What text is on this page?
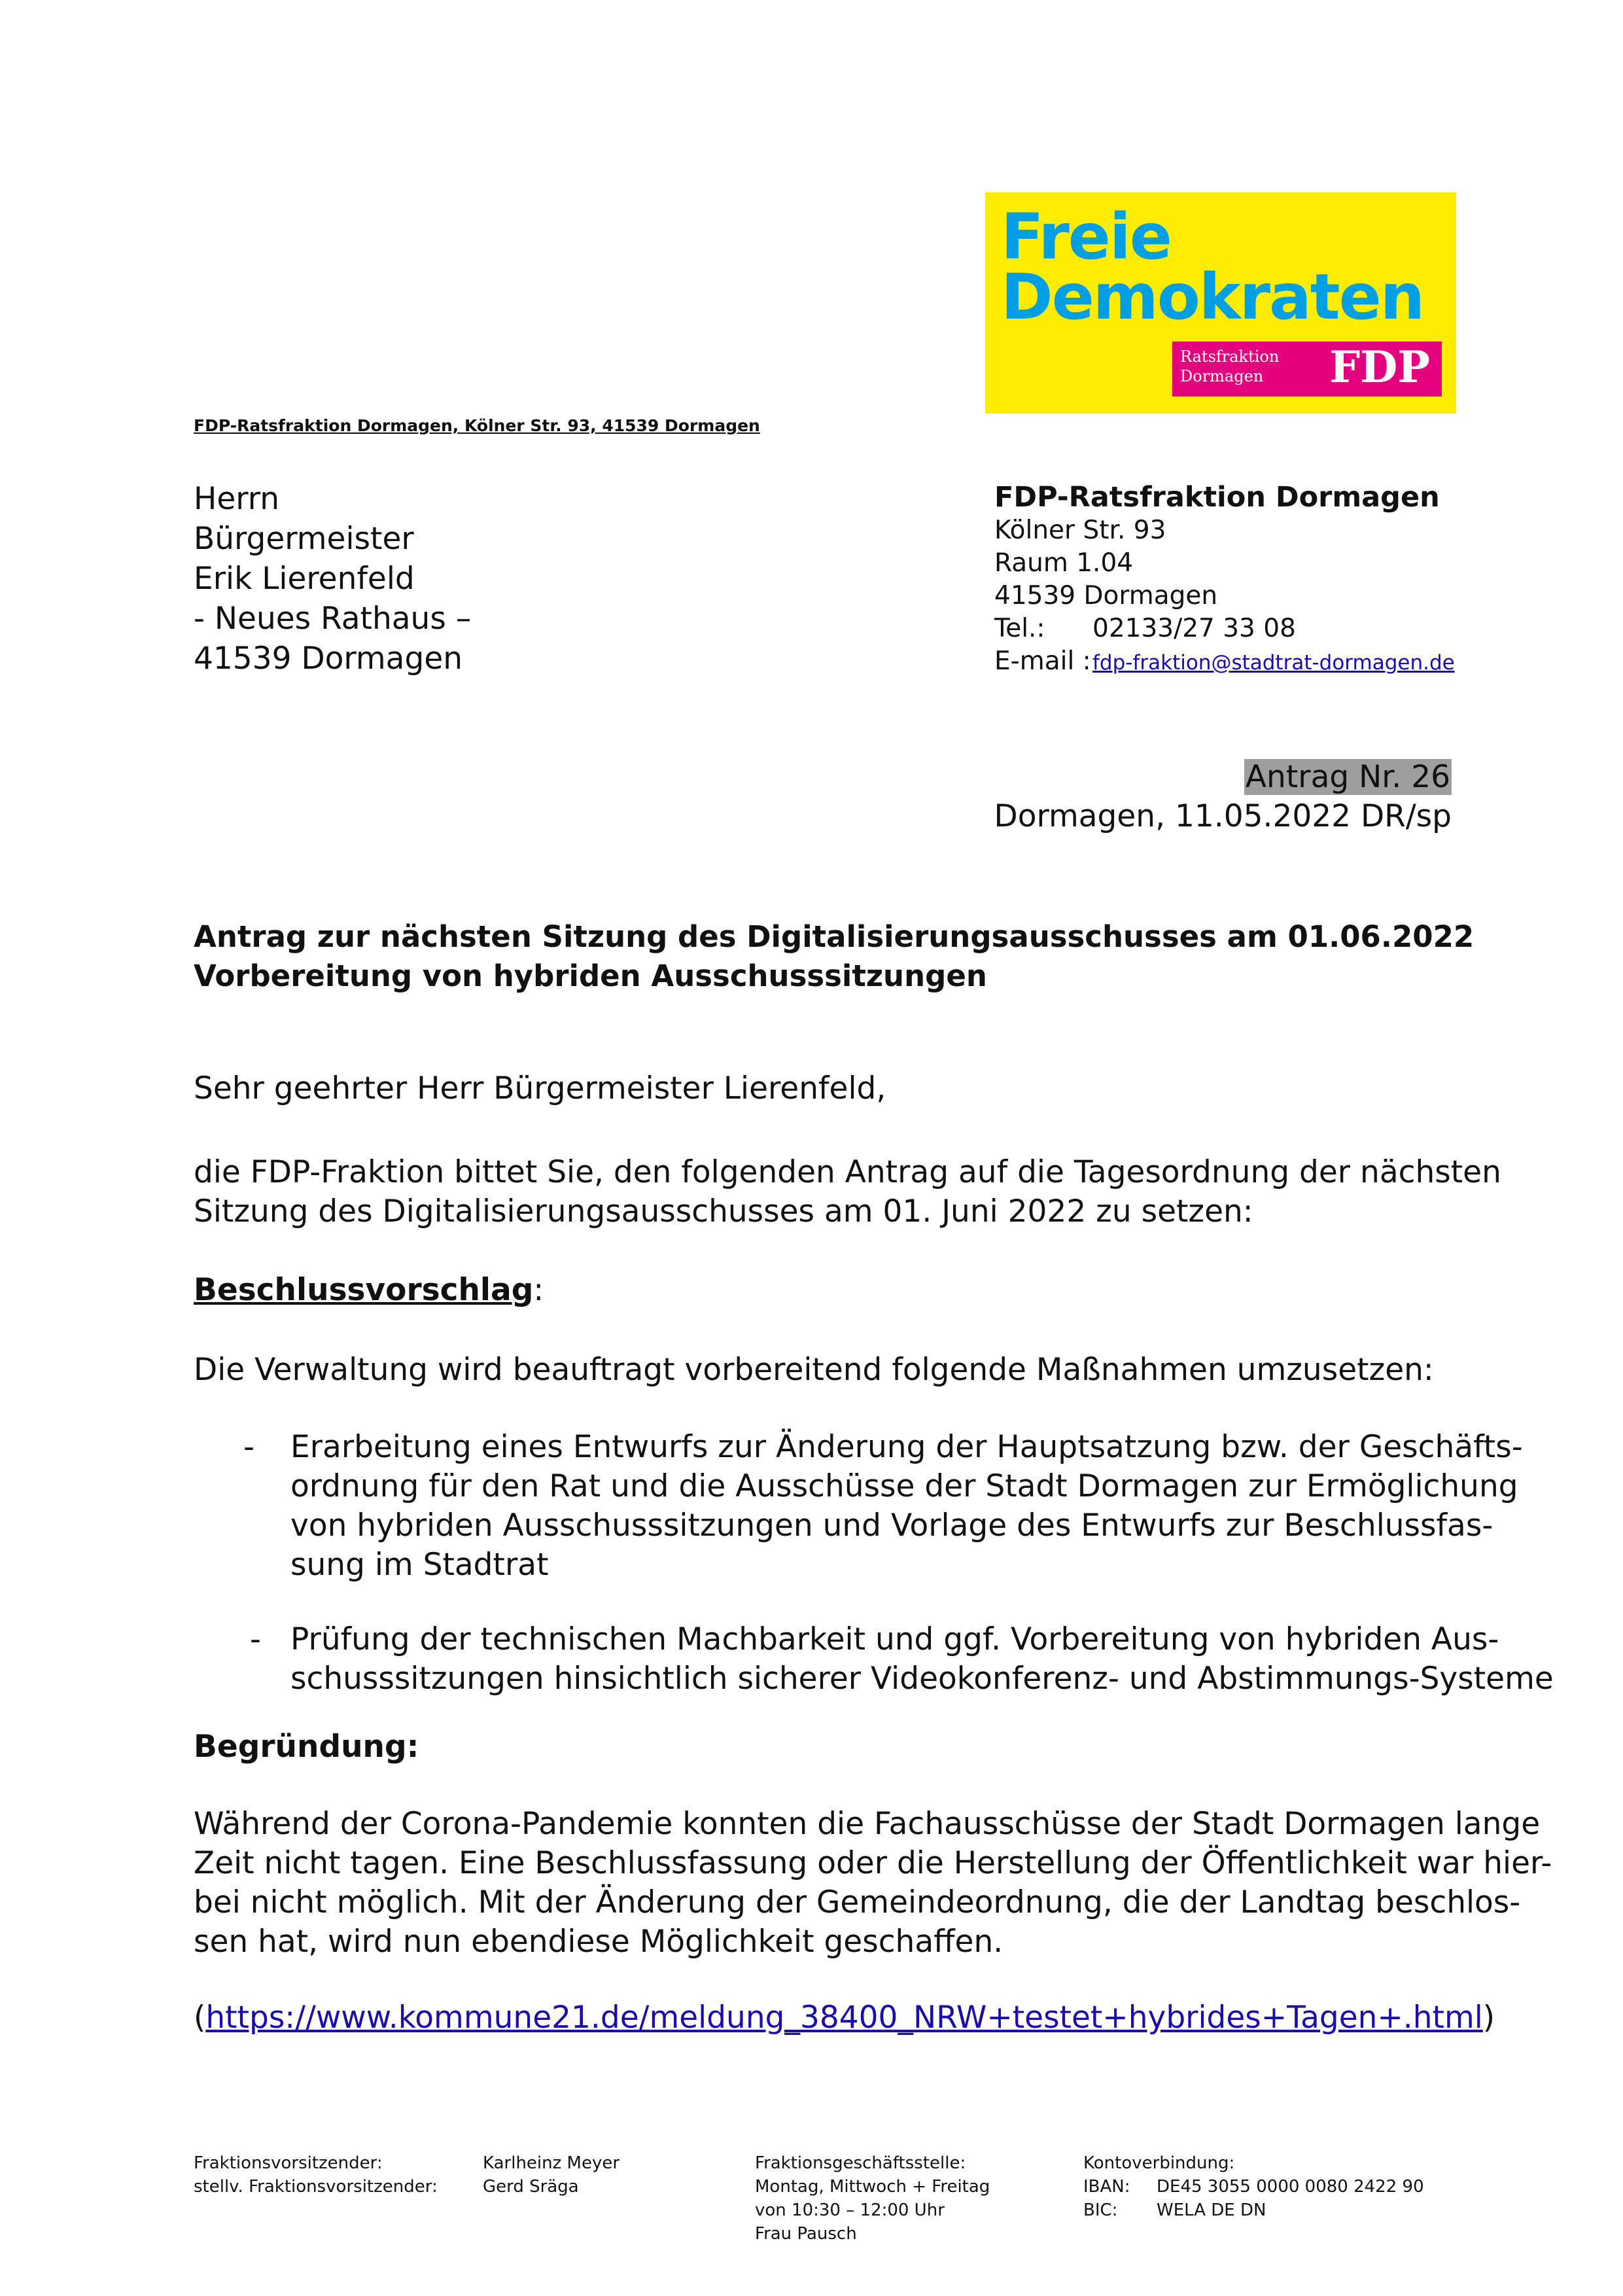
Freie
Demokraten
Ratsfraktion
Dormagen	FDP
FDP-Ratsfraktion Dormagen, Kölner Str. 93, 41539 Dormagen
Herrn
Bürgermeister
Erik Lierenfeld
- Neues Rathaus –
41539 Dormagen
FDP-Ratsfraktion Dormagen
Kölner Str. 93
Raum 1.04
41539 Dormagen
Tel.: 02133/27 33 08
E-mail :fdp-fraktion@stadtrat-dormagen.de
Antrag Nr. 26
Dormagen, 11.05.2022 DR/sp
Antrag zur nächsten Sitzung des Digitalisierungsausschusses am 01.06.2022
Vorbereitung von hybriden Ausschusssitzungen
Sehr geehrter Herr Bürgermeister Lierenfeld,
die FDP-Fraktion bittet Sie, den folgenden Antrag auf die Tagesordnung der nächsten
Sitzung des Digitalisierungsausschusses am 01. Juni 2022 zu setzen:
Beschlussvorschlag:
Die Verwaltung wird beauftragt vorbereitend folgende Maßnahmen umzusetzen:
- Erarbeitung eines Entwurfs zur Änderung der Hauptsatzung bzw. der Geschäfts-
ordnung für den Rat und die Ausschüsse der Stadt Dormagen zur Ermöglichung
von hybriden Ausschusssitzungen und Vorlage des Entwurfs zur Beschlussfas-
sung im Stadtrat
- Prüfung der technischen Machbarkeit und ggf. Vorbereitung von hybriden Aus-
schusssitzungen hinsichtlich sicherer Videokonferenz- und Abstimmungs-Systeme
Begründung:
Während der Corona-Pandemie konnten die Fachausschüsse der Stadt Dormagen lange
Zeit nicht tagen. Eine Beschlussfassung oder die Herstellung der Öffentlichkeit war hier-
bei nicht möglich. Mit der Änderung der Gemeindeordnung, die der Landtag beschlos-
sen hat, wird nun ebendiese Möglichkeit geschaffen.
(https://www.kommune21.de/meldung_38400_NRW+testet+hybrides+Tagen+.html)
Fraktionsvorsitzender:
stellv. Fraktionsvorsitzender:
Karlheinz Meyer
Gerd Sräga
Fraktionsgeschäftsstelle:
Montag, Mittwoch + Freitag
von 10:30 – 12:00 Uhr
Frau Pausch
Kontoverbindung:
IBAN: DE45 3055 0000 0080 2422 90
BIC: WELA DE DN
